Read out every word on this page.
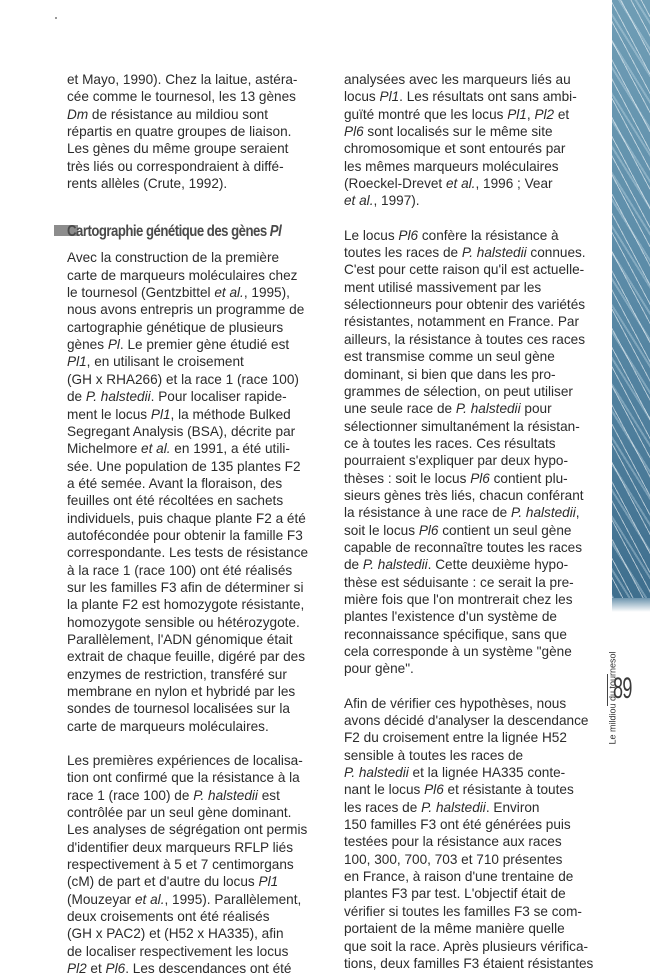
Le mildiou du tournesol
89

et Mayo, 1990). Chez la laitue, astéra-
cée comme le tournesol, les 13 gènes
Dm de résistance au mildiou sont
répartis en quatre groupes de liaison.
Les gènes du même groupe seraient
très liés ou correspondraient à diffé-
rents allèles (Crute, 1992).

Cartographie génétique des gènes Pl

Avec la construction de la première
carte de marqueurs moléculaires chez
le tournesol (Gentzbittel et al., 1995),
nous avons entrepris un programme de
cartographie génétique de plusieurs
gènes Pl. Le premier gène étudié est
Pl1, en utilisant le croisement
(GH x RHA266) et la race 1 (race 100)
de P. halstedii. Pour localiser rapide-
ment le locus Pl1, la méthode Bulked
Segregant Analysis (BSA), décrite par
Michelmore et al. en 1991, a été utili-
sée. Une population de 135 plantes F2
a été semée. Avant la floraison, des
feuilles ont été récoltées en sachets
individuels, puis chaque plante F2 a été
autofécondée pour obtenir la famille F3
correspondante. Les tests de résistance
à la race 1 (race 100) ont été réalisés
sur les familles F3 afin de déterminer si
la plante F2 est homozygote résistante,
homozygote sensible ou hétérozygote.
Parallèlement, l'ADN génomique était
extrait de chaque feuille, digéré par des
enzymes de restriction, transféré sur
membrane en nylon et hybridé par les
sondes de tournesol localisées sur la
carte de marqueurs moléculaires.

Les premières expériences de localisa-
tion ont confirmé que la résistance à la
race 1 (race 100) de P. halstedii est
contrôlée par un seul gène dominant.
Les analyses de ségrégation ont permis
d'identifier deux marqueurs RFLP liés
respectivement à 5 et 7 centimorgans
(cM) de part et d'autre du locus Pl1
(Mouzeyar et al., 1995). Parallèlement,
deux croisements ont été réalisés
(GH x PAC2) et (H52 x HA335), afin
de localiser respectivement les locus
Pl2 et Pl6. Les descendances ont été

analysées avec les marqueurs liés au
locus Pl1. Les résultats ont sans ambi-
guïté montré que les locus Pl1, Pl2 et
Pl6 sont localisés sur le même site
chromosomique et sont entourés par
les mêmes marqueurs moléculaires
(Roeckel-Drevet et al., 1996 ; Vear
et al., 1997).

Le locus Pl6 confère la résistance à
toutes les races de P. halstedii connues.
C'est pour cette raison qu'il est actuelle-
ment utilisé massivement par les
sélectionneurs pour obtenir des variétés
résistantes, notamment en France. Par
ailleurs, la résistance à toutes ces races
est transmise comme un seul gène
dominant, si bien que dans les pro-
grammes de sélection, on peut utiliser
une seule race de P. halstedii pour
sélectionner simultanément la résistan-
ce à toutes les races. Ces résultats
pourraient s'expliquer par deux hypo-
thèses : soit le locus Pl6 contient plu-
sieurs gènes très liés, chacun conférant
la résistance à une race de P. halstedii,
soit le locus Pl6 contient un seul gène
capable de reconnaître toutes les races
de P. halstedii. Cette deuxième hypo-
thèse est séduisante : ce serait la pre-
mière fois que l'on montrerait chez les
plantes l'existence d'un système de
reconnaissance spécifique, sans que
cela corresponde à un système "gène
pour gène".

Afin de vérifier ces hypothèses, nous
avons décidé d'analyser la descendance
F2 du croisement entre la lignée H52
sensible à toutes les races de
P. halstedii et la lignée HA335 conte-
nant le locus Pl6 et résistante à toutes
les races de P. halstedii. Environ
150 familles F3 ont été générées puis
testées pour la résistance aux races
100, 300, 700, 703 et 710 présentes
en France, à raison d'une trentaine de
plantes F3 par test. L'objectif était de
vérifier si toutes les familles F3 se com-
portaient de la même manière quelle
que soit la race. Après plusieurs vérifica-
tions, deux familles F3 étaient résistantes
